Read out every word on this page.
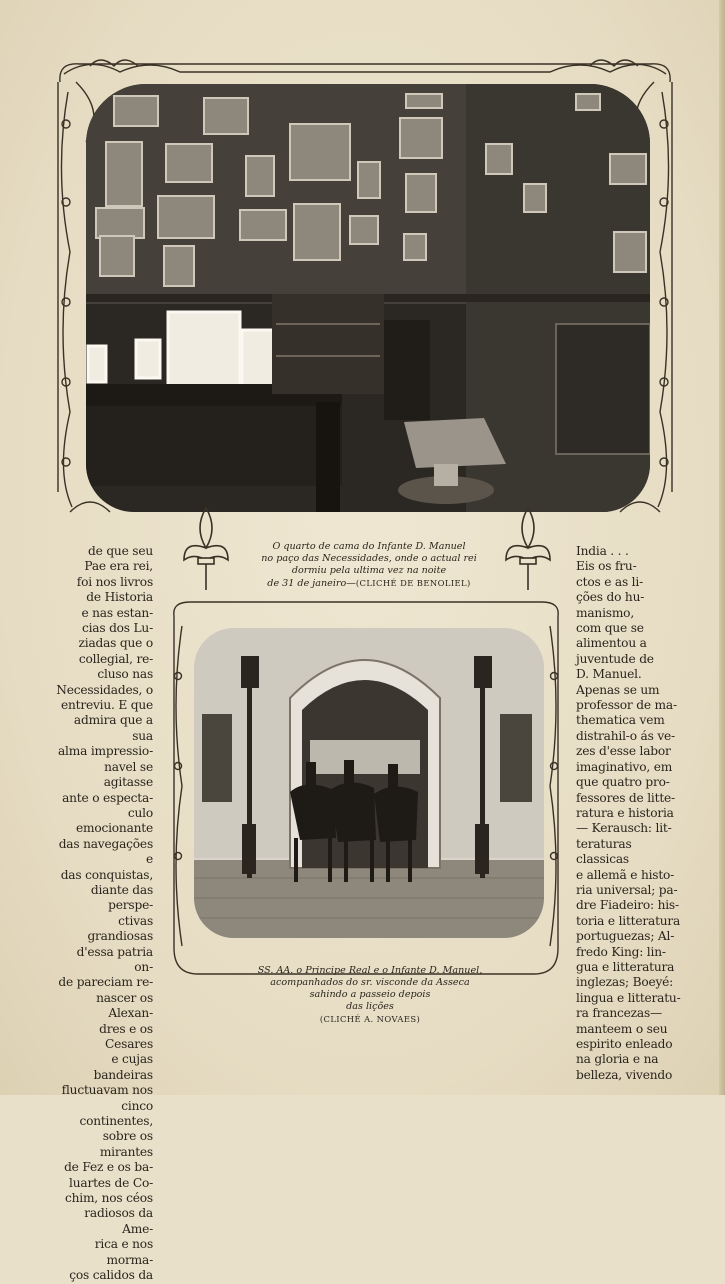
de que seu

Pae era rei,

foi nos livros

de Historia

e nas estan-

cias dos Lu-

ziadas que o

collegial, re-

cluso nas

Necessidades, o

entreviu. E que

admira que a sua

alma impressio-

navel se agitasse

ante o especta-

culo emocionante

das navegações e

das conquistas,

diante das perspe-

ctivas grandiosas

d'essa patria on-

de pareciam re-

nascer os Alexan-

dres e os Cesares

e cujas bandeiras

fluctuavam nos

cinco continentes,

sobre os mirantes

de Fez e os ba-

luartes de Co-

chim, nos céos

radiosos da Ame-

rica e nos morma-

ços calidos da

India . . .

Eis os fru-

ctos e as li-

ções do hu-

manismo,

com que se

alimentou a

juventude de

D. Manuel.

Apenas se um

professor de ma-

thematica vem

distrahil-o ás ve-

zes d'esse labor

imaginativo, em

que quatro pro-

fessores de litte-

ratura e historia

— Kerausch: lit-

teraturas classicas

e allemã e histo-

ria universal; pa-

dre Fiadeiro: his-

toria e litteratura

portuguezas; Al-

fredo King: lin-

gua e litteratura

inglezas; Boeyé:

lingua e litteratu-

ra francezas—

manteem o seu

espirito enleado

na gloria e na

belleza, vivendo

O quarto de cama do Infante D. Manuel
no paço das Necessidades, onde o actual rei
dormiu pela ultima vez na noite
de 31 de janeiro—(CLICHÉ DE BENOLIEL)
SS. AA. o Principe Real e o Infante D. Manuel,
acompanhados do sr. visconde da Asseca
sahindo a passeio depois
das lições
(CLICHÉ A. NOVAES)
